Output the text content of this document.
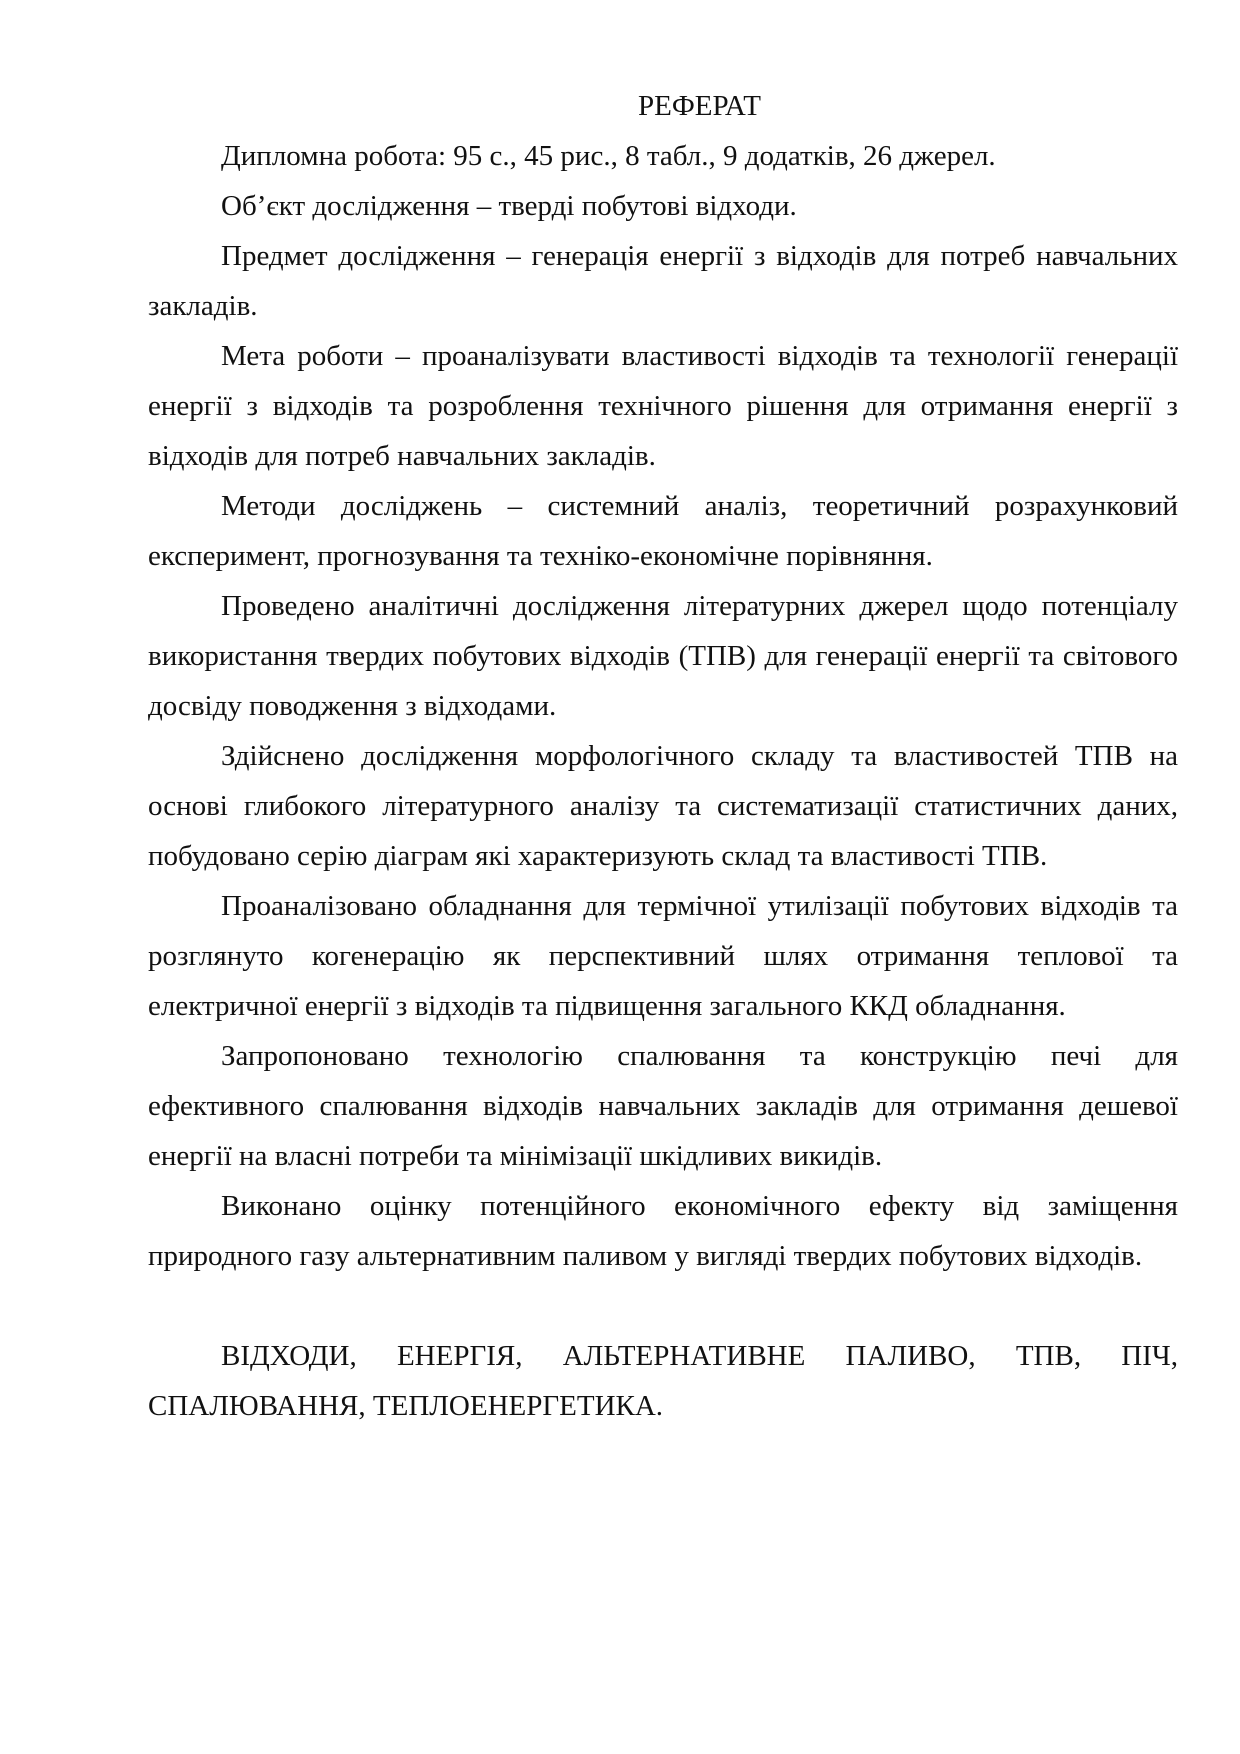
РЕФЕРАТ

Дипломна робота: 95 с., 45 рис., 8 табл., 9 додатків, 26 джерел.

Об’єкт дослідження – тверді побутові відходи.

Предмет дослідження – генерація енергії з відходів для потреб навчальних закладів.

Мета роботи – проаналізувати властивості відходів та технології генерації енергії з відходів та розроблення технічного рішення для отримання енергії з відходів для потреб навчальних закладів.

Методи досліджень – системний аналіз, теоретичний розрахунковий експеримент, прогнозування та техніко-економічне порівняння.

Проведено аналітичні дослідження літературних джерел щодо потенціалу використання твердих побутових відходів (ТПВ) для генерації енергії та світового досвіду поводження з відходами.

Здійснено дослідження морфологічного складу та властивостей ТПВ на основі глибокого літературного аналізу та систематизації статистичних даних, побудовано серію діаграм які характеризують склад та властивості ТПВ.

Проаналізовано обладнання для термічної утилізації побутових відходів та розглянуто когенерацію як перспективний шлях отримання теплової та електричної енергії з відходів та підвищення загального ККД обладнання.

Запропоновано технологію спалювання та конструкцію печі для ефективного спалювання відходів навчальних закладів для отримання дешевої енергії на власні потреби та мінімізації шкідливих викидів.

Виконано оцінку потенційного економічного ефекту від заміщення природного газу альтернативним паливом у вигляді твердих побутових відходів.

ВІДХОДИ, ЕНЕРГІЯ, АЛЬТЕРНАТИВНЕ ПАЛИВО, ТПВ, ПІЧ, СПАЛЮВАННЯ, ТЕПЛОЕНЕРГЕТИКА.
